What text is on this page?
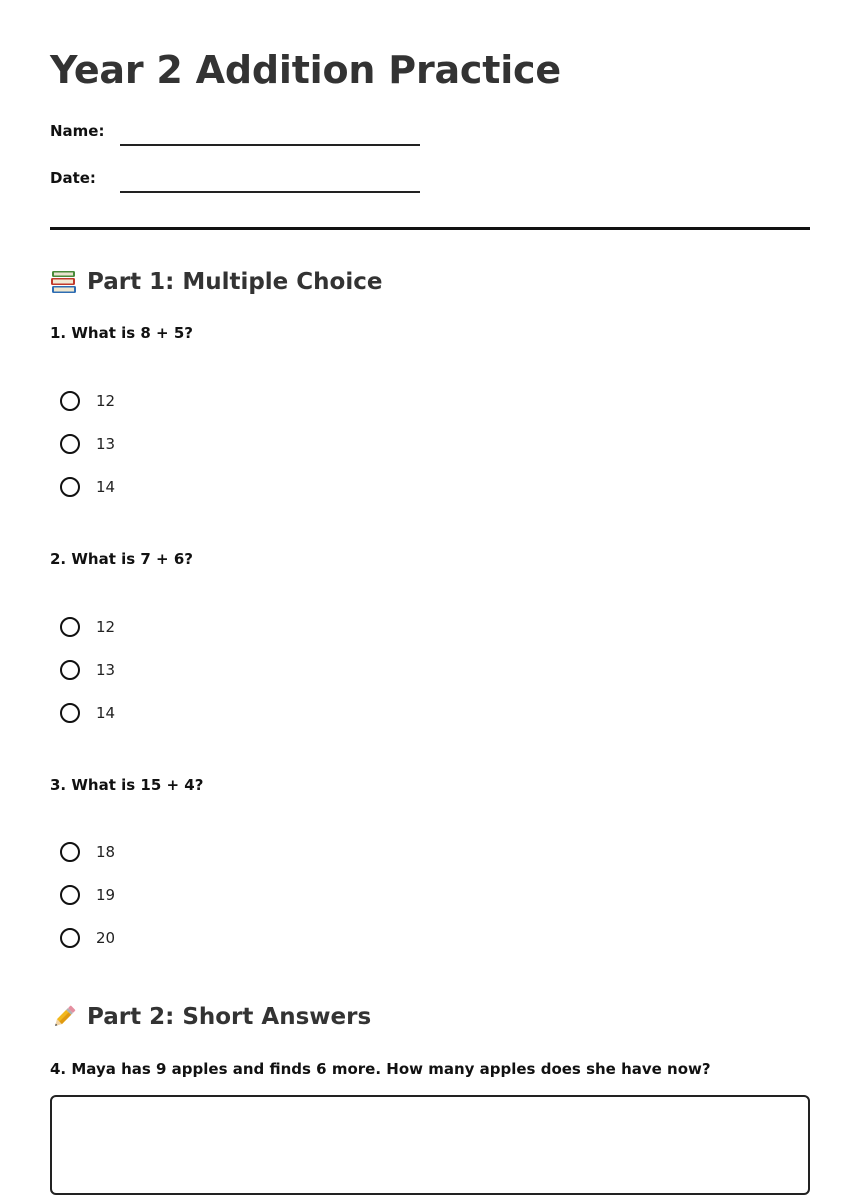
Year 2 Addition Practice
Name:
Date:
Part 1: Multiple Choice
1. What is 8 + 5?
12
13
14
2. What is 7 + 6?
12
13
14
3. What is 15 + 4?
18
19
20
Part 2: Short Answers
4. Maya has 9 apples and finds 6 more. How many apples does she have now?
